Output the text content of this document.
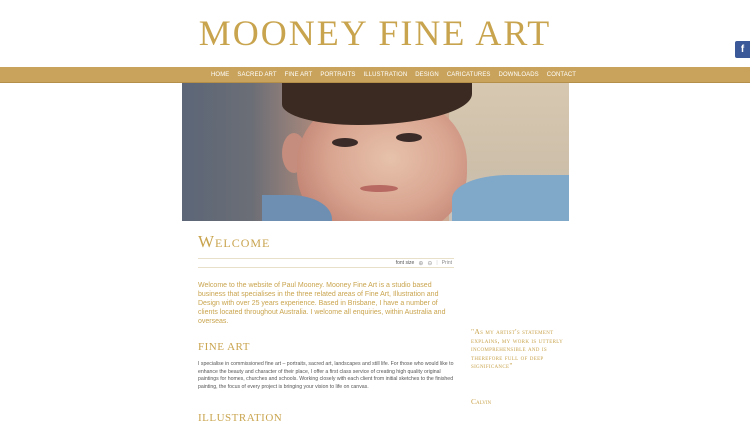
MOONEY FINE ART	f
HOME SACRED ART FINE ART PORTRAITS ILLUSTRATION DESIGN CARICATURES DOWNLOADS CONTACT
Welcome
font size ⊕ ⊖ | Print
Welcome to the website of Paul Mooney. Mooney Fine Art is a studio based business that specialises in the three related areas of Fine Art, Illustration and Design with over 25 years experience. Based in Brisbane, I have a number of clients located throughout Australia. I welcome all enquiries, within Australia and overseas.
FINE ART
I specialise in commissioned fine art – portraits, sacred art, landscapes and still life. For those who would like to enhance the beauty and character of their place, I offer a first class service of creating high quality original paintings for homes, churches and schools. Working closely with each client from initial sketches to the finished painting, the focus of every project is bringing your vision to life on canvas.
ILLUSTRATION
"As my artist's statement explains, my work is utterly incomprehensible and is therefore full of deep significance"
Calvin
